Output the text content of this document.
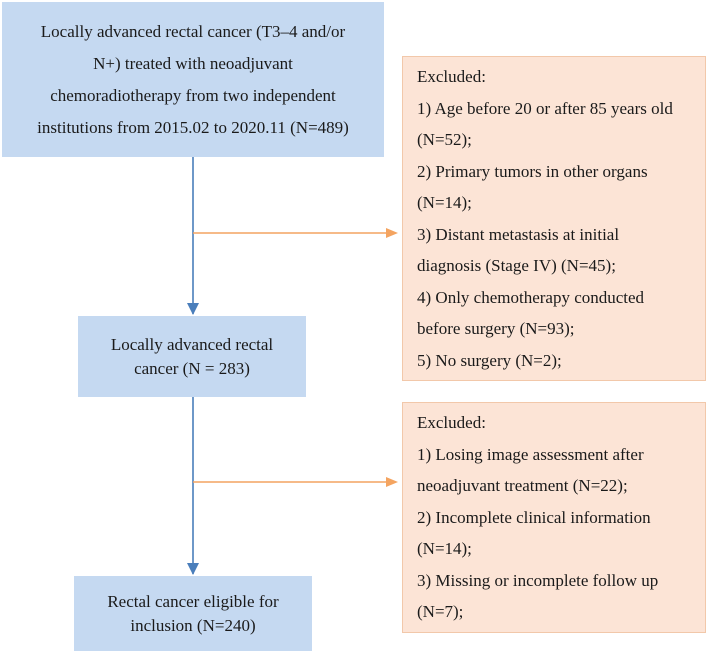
Locally advanced rectal cancer (T3–4 and/or
N+) treated with neoadjuvant
chemoradiotherapy from two independent
institutions from 2015.02 to 2020.11 (N=489)
Locally advanced rectal
cancer (N = 283)
Rectal cancer eligible for
inclusion (N=240)
Excluded:
1) Age before 20 or after 85 years old
(N=52);
2) Primary tumors in other organs
(N=14);
3) Distant metastasis at initial
diagnosis (Stage IV) (N=45);
4) Only chemotherapy conducted
before surgery (N=93);
5) No surgery (N=2);
Excluded:
1) Losing image assessment after
neoadjuvant treatment (N=22);
2) Incomplete clinical information
(N=14);
3) Missing or incomplete follow up
(N=7);
